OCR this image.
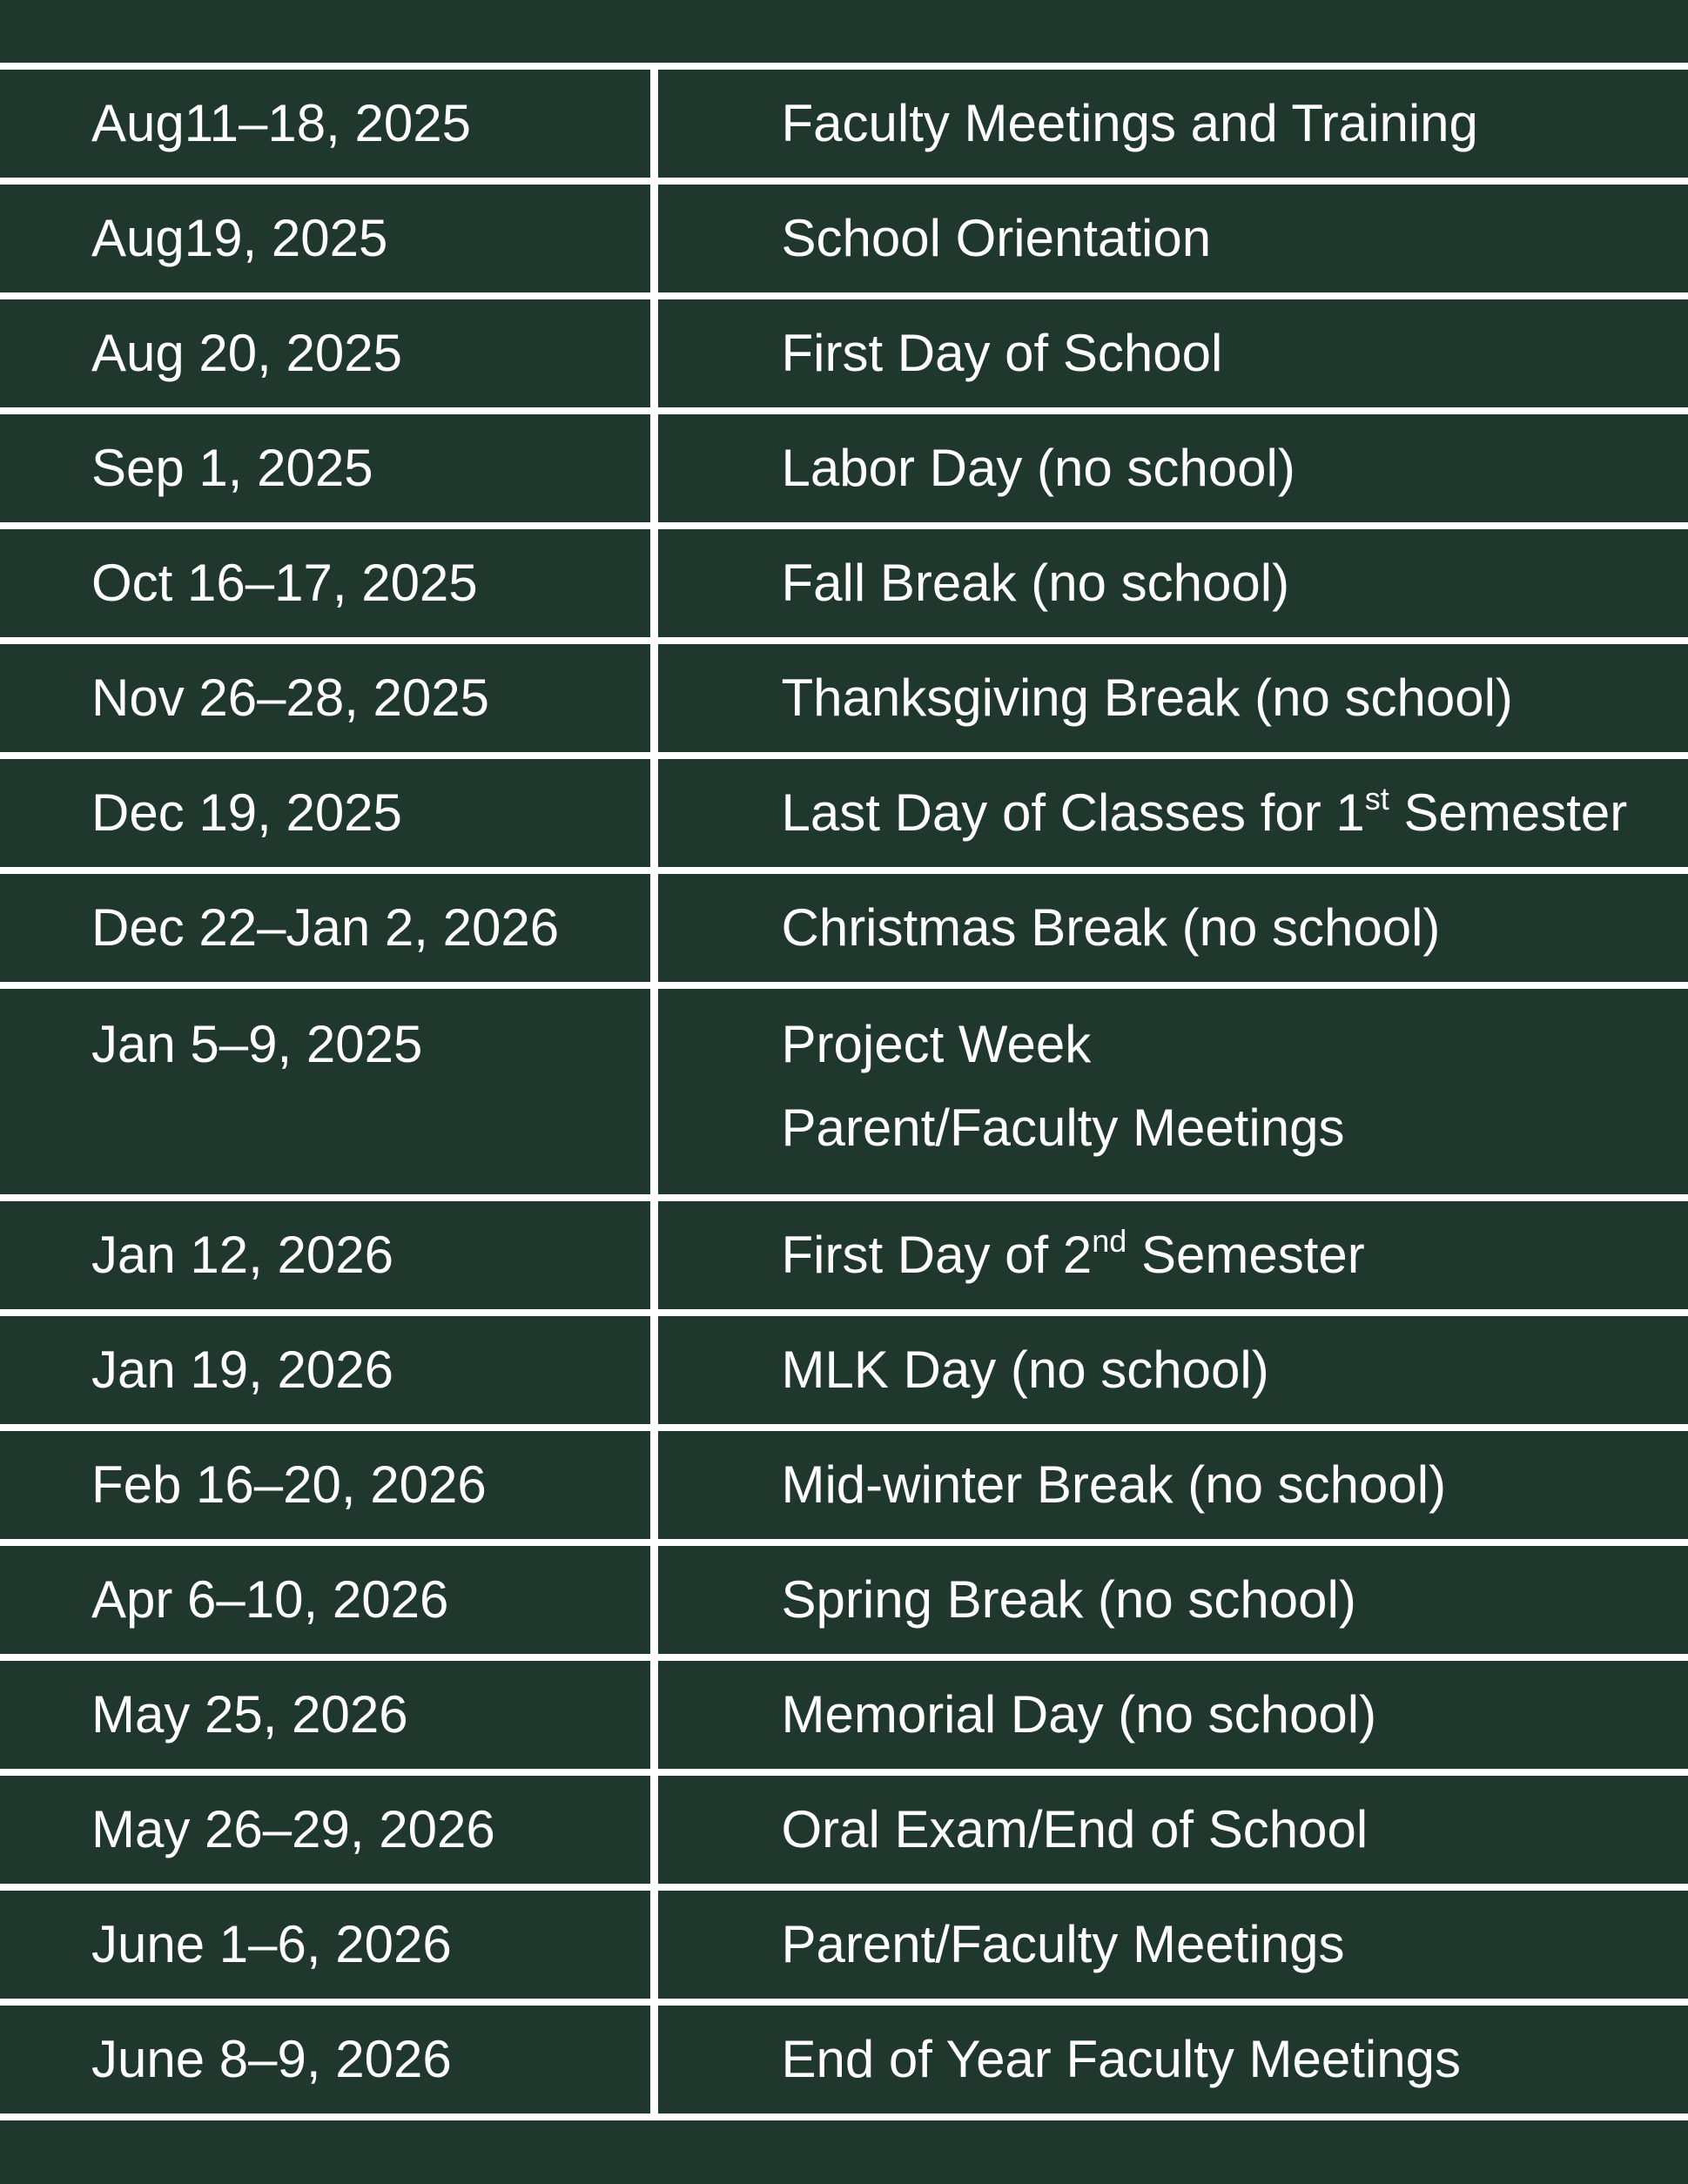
Aug11–18, 2025	Faculty Meetings and Training
Aug19, 2025	School Orientation
Aug 20, 2025	First Day of School
Sep 1, 2025	Labor Day (no school)
Oct 16–17, 2025	Fall Break (no school)
Nov 26–28, 2025	Thanksgiving Break (no school)
Dec 19, 2025	Last Day of Classes for 1st Semester
Dec 22–Jan 2, 2026	Christmas Break (no school)
Jan 5–9, 2025	Project Week
Parent/Faculty Meetings

Jan 12, 2026	First Day of 2nd Semester
Jan 19, 2026	MLK Day (no school)
Feb 16–20, 2026	Mid-winter Break (no school)
Apr 6–10, 2026	Spring Break (no school)
May 25, 2026	Memorial Day (no school)
May 26–29, 2026	Oral Exam/End of School
June 1–6, 2026	Parent/Faculty Meetings
June 8–9, 2026	End of Year Faculty Meetings
